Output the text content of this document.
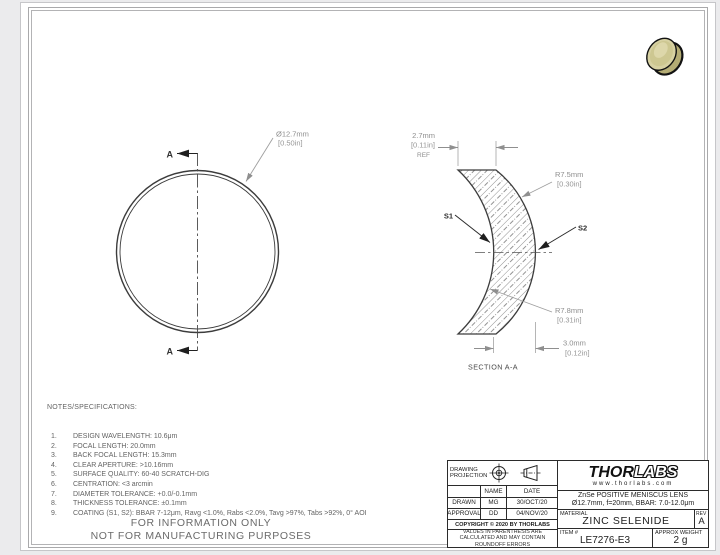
A
A
Ø12.7mm
[0.50in]
2.7mm
[0.11in]
REF
R7.5mm
[0.30in]
S1
S2
R7.8mm
[0.31in]
3.0mm
[0.12in]
SECTION A-A
NOTES/SPECIFICATIONS:
1.	DESIGN WAVELENGTH: 10.6μm
2.	FOCAL LENGTH: 20.0mm
3.	BACK FOCAL LENGTH: 15.3mm
4.	CLEAR APERTURE: >10.16mm
5.	SURFACE QUALITY: 60-40 SCRATCH-DIG
6.	CENTRATION: <3 arcmin
7.	DIAMETER TOLERANCE: +0.0/-0.1mm
8.	THICKNESS TOLERANCE: ±0.1mm
9.	COATING (S1, S2): BBAR 7-12μm, Ravg <1.0%, Rabs <2.0%, Tavg >97%, Tabs >92%, 0° AOI
FOR INFORMATION ONLY
NOT FOR MANUFACTURING PURPOSES
DRAWING PROJECTION
NAME	DATE
DRAWN	MG	30/OCT/20
APPROVAL	DD	04/NOV/20
COPYRIGHT © 2020 BY THORLABS
VALUES IN PARENTHESIS ARE CALCULATED AND MAY CONTAIN ROUNDOFF ERRORS
THORLABS
www.thorlabs.com
ZnSe POSITIVE MENISCUS LENS
Ø12.7mm, f=20mm, BBAR: 7.0-12.0μm
MATERIAL
ZINC SELENIDE
REV
A
ITEM #
LE7276-E3
APPROX WEIGHT
2 g
